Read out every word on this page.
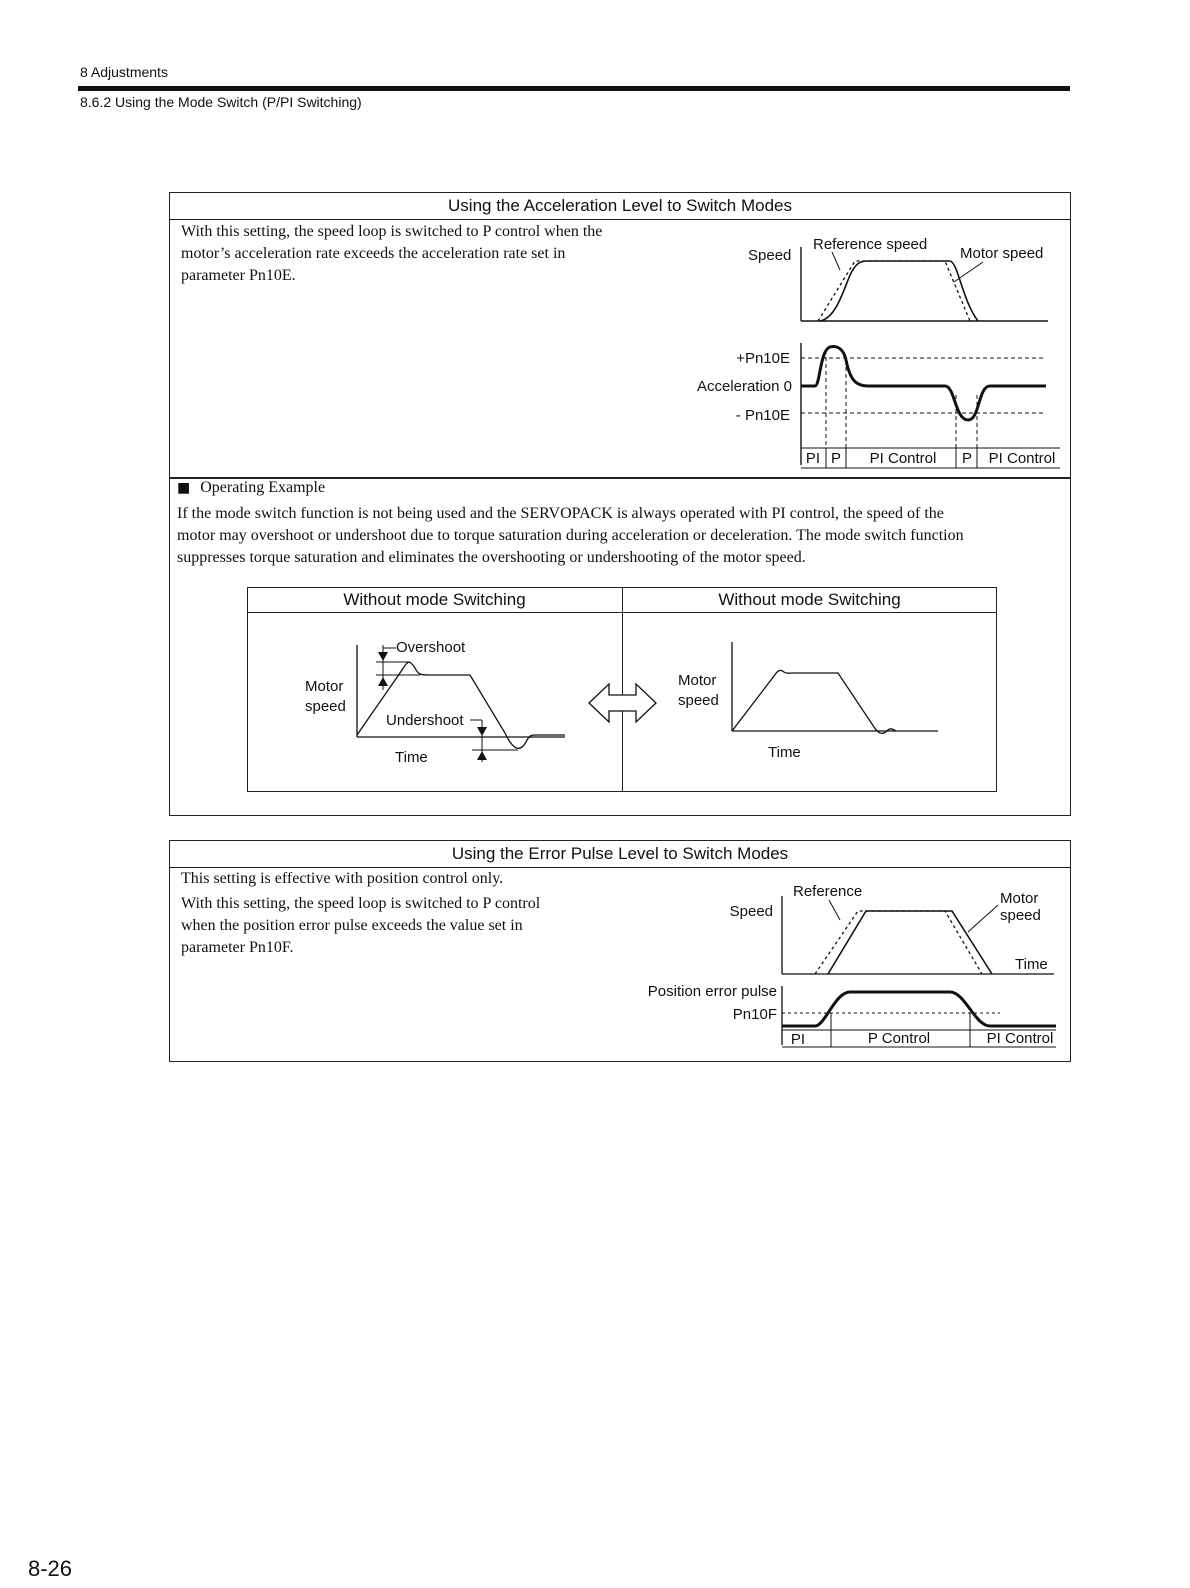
8 Adjustments
8.6.2 Using the Mode Switch (P/PI Switching)
Using the Acceleration Level to Switch Modes
With this setting, the speed loop is switched to P control when the
motor’s acceleration rate exceeds the acceleration rate set in
parameter Pn10E.
Speed
Reference speed
Motor speed
+Pn10E
Acceleration 0
- Pn10E
PI P PI Control P PI Control
■ Operating Example
If the mode switch function is not being used and the SERVOPACK is always operated with PI control, the speed of the
motor may overshoot or undershoot due to torque saturation during acceleration or deceleration. The mode switch function
suppresses torque saturation and eliminates the overshooting or undershooting of the motor speed.
Without mode Switching	Without mode Switching
Overshoot
Motor
speed
Undershoot
Time
Motor
speed
Time
Using the Error Pulse Level to Switch Modes
This setting is effective with position control only.
With this setting, the speed loop is switched to P control
when the position error pulse exceeds the value set in
parameter Pn10F.
Speed
Reference	Motor
speed
Time
Position error pulse
Pn10F
PI	P Control	PI Control
8-26
